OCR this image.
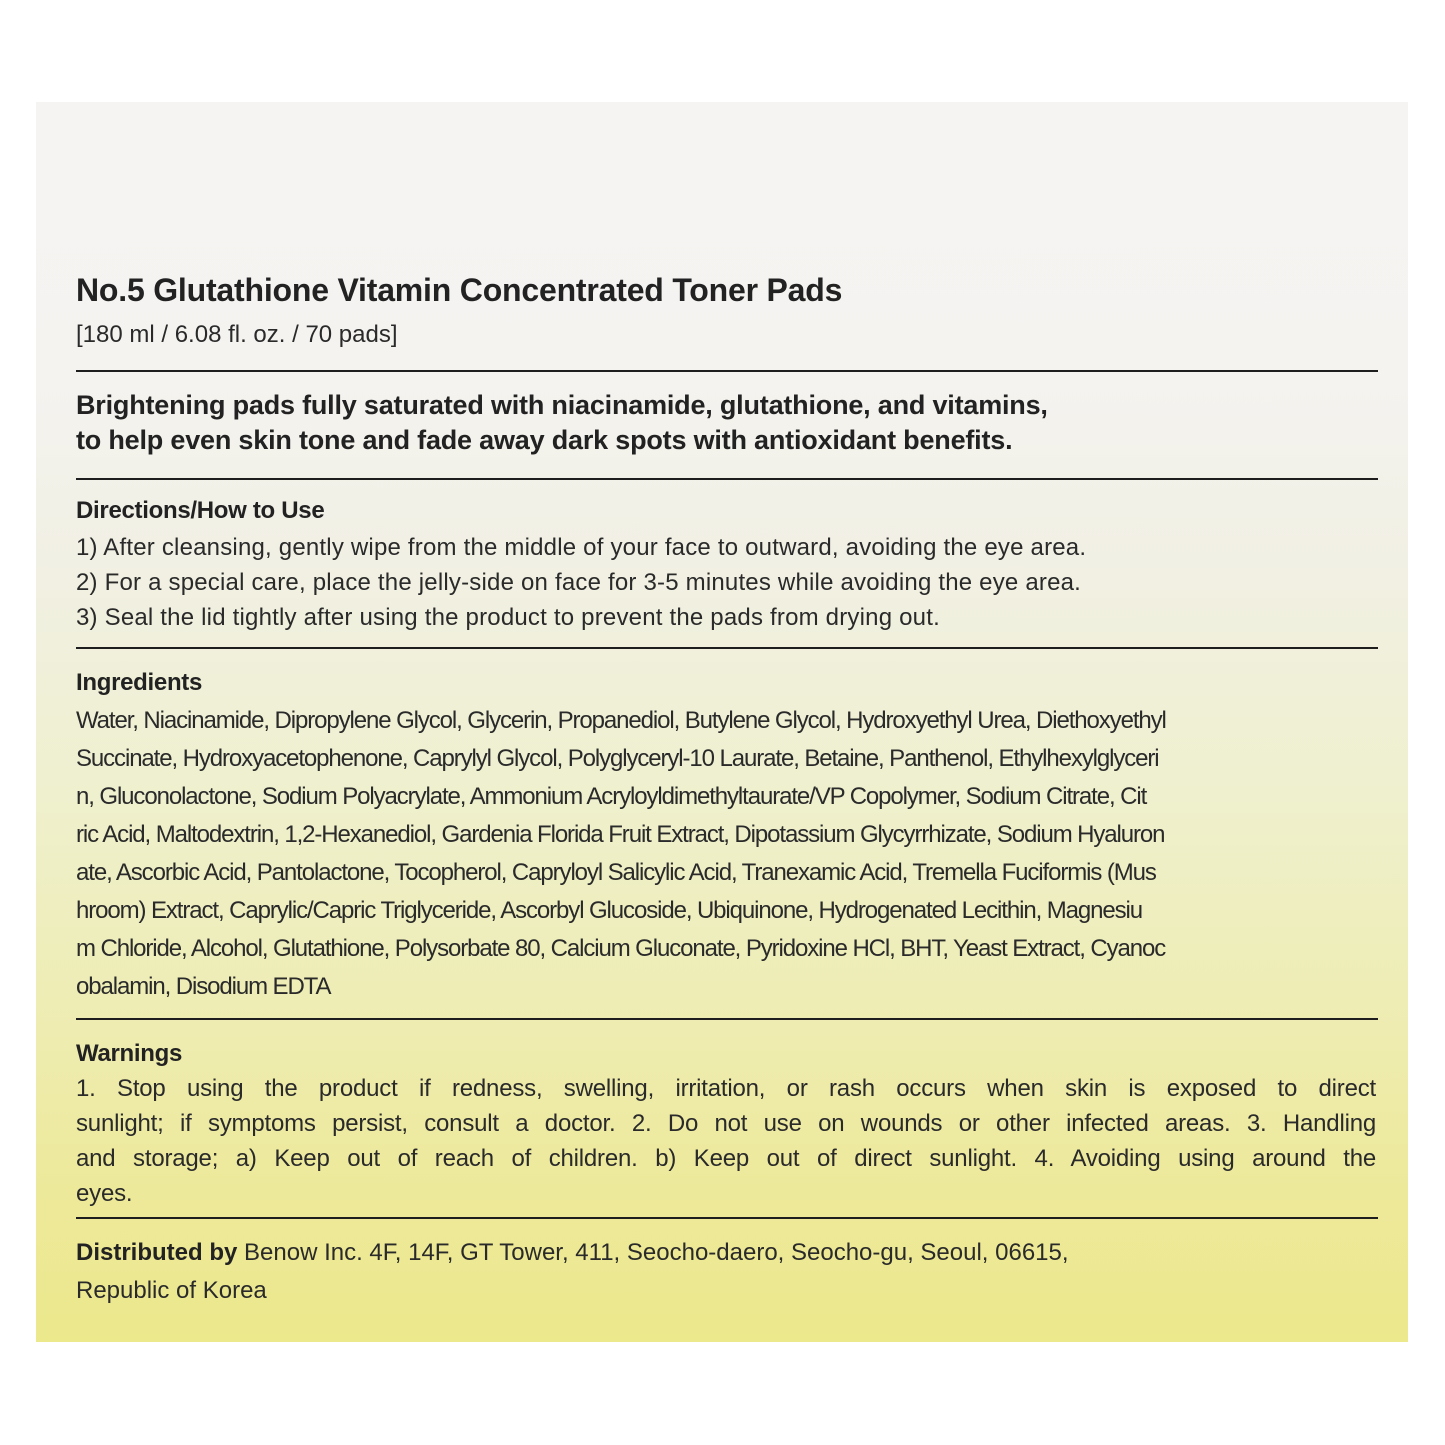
No.5 Glutathione Vitamin Concentrated Toner Pads
[180 ml / 6.08 fl. oz. / 70 pads]
Brightening pads fully saturated with niacinamide, glutathione, and vitamins,
to help even skin tone and fade away dark spots with antioxidant benefits.
Directions/How to Use
1) After cleansing, gently wipe from the middle of your face to outward, avoiding the eye area.
2) For a special care, place the jelly-side on face for 3-5 minutes while avoiding the eye area.
3) Seal the lid tightly after using the product to prevent the pads from drying out.
Ingredients
Water, Niacinamide, Dipropylene Glycol, Glycerin, Propanediol, Butylene Glycol, Hydroxyethyl Urea, Diethoxyethyl
Succinate, Hydroxyacetophenone, Caprylyl Glycol, Polyglyceryl-10 Laurate, Betaine, Panthenol, Ethylhexylglyceri
n, Gluconolactone, Sodium Polyacrylate, Ammonium Acryloyldimethyltaurate/VP Copolymer, Sodium Citrate, Cit
ric Acid, Maltodextrin, 1,2-Hexanediol, Gardenia Florida Fruit Extract, Dipotassium Glycyrrhizate, Sodium Hyaluron
ate, Ascorbic Acid, Pantolactone, Tocopherol, Capryloyl Salicylic Acid, Tranexamic Acid, Tremella Fuciformis (Mus
hroom) Extract, Caprylic/Capric Triglyceride, Ascorbyl Glucoside, Ubiquinone, Hydrogenated Lecithin, Magnesiu
m Chloride, Alcohol, Glutathione, Polysorbate 80, Calcium Gluconate, Pyridoxine HCl, BHT, Yeast Extract, Cyanoc
obalamin, Disodium EDTA
Warnings
1. Stop using the product if redness, swelling, irritation, or rash occurs when skin is exposed to direct
sunlight; if symptoms persist, consult a doctor. 2. Do not use on wounds or other infected areas. 3. Handling
and storage; a) Keep out of reach of children. b) Keep out of direct sunlight. 4. Avoiding using around the
eyes.
Distributed by Benow Inc. 4F, 14F, GT Tower, 411, Seocho-daero, Seocho-gu, Seoul, 06615,
Republic of Korea
